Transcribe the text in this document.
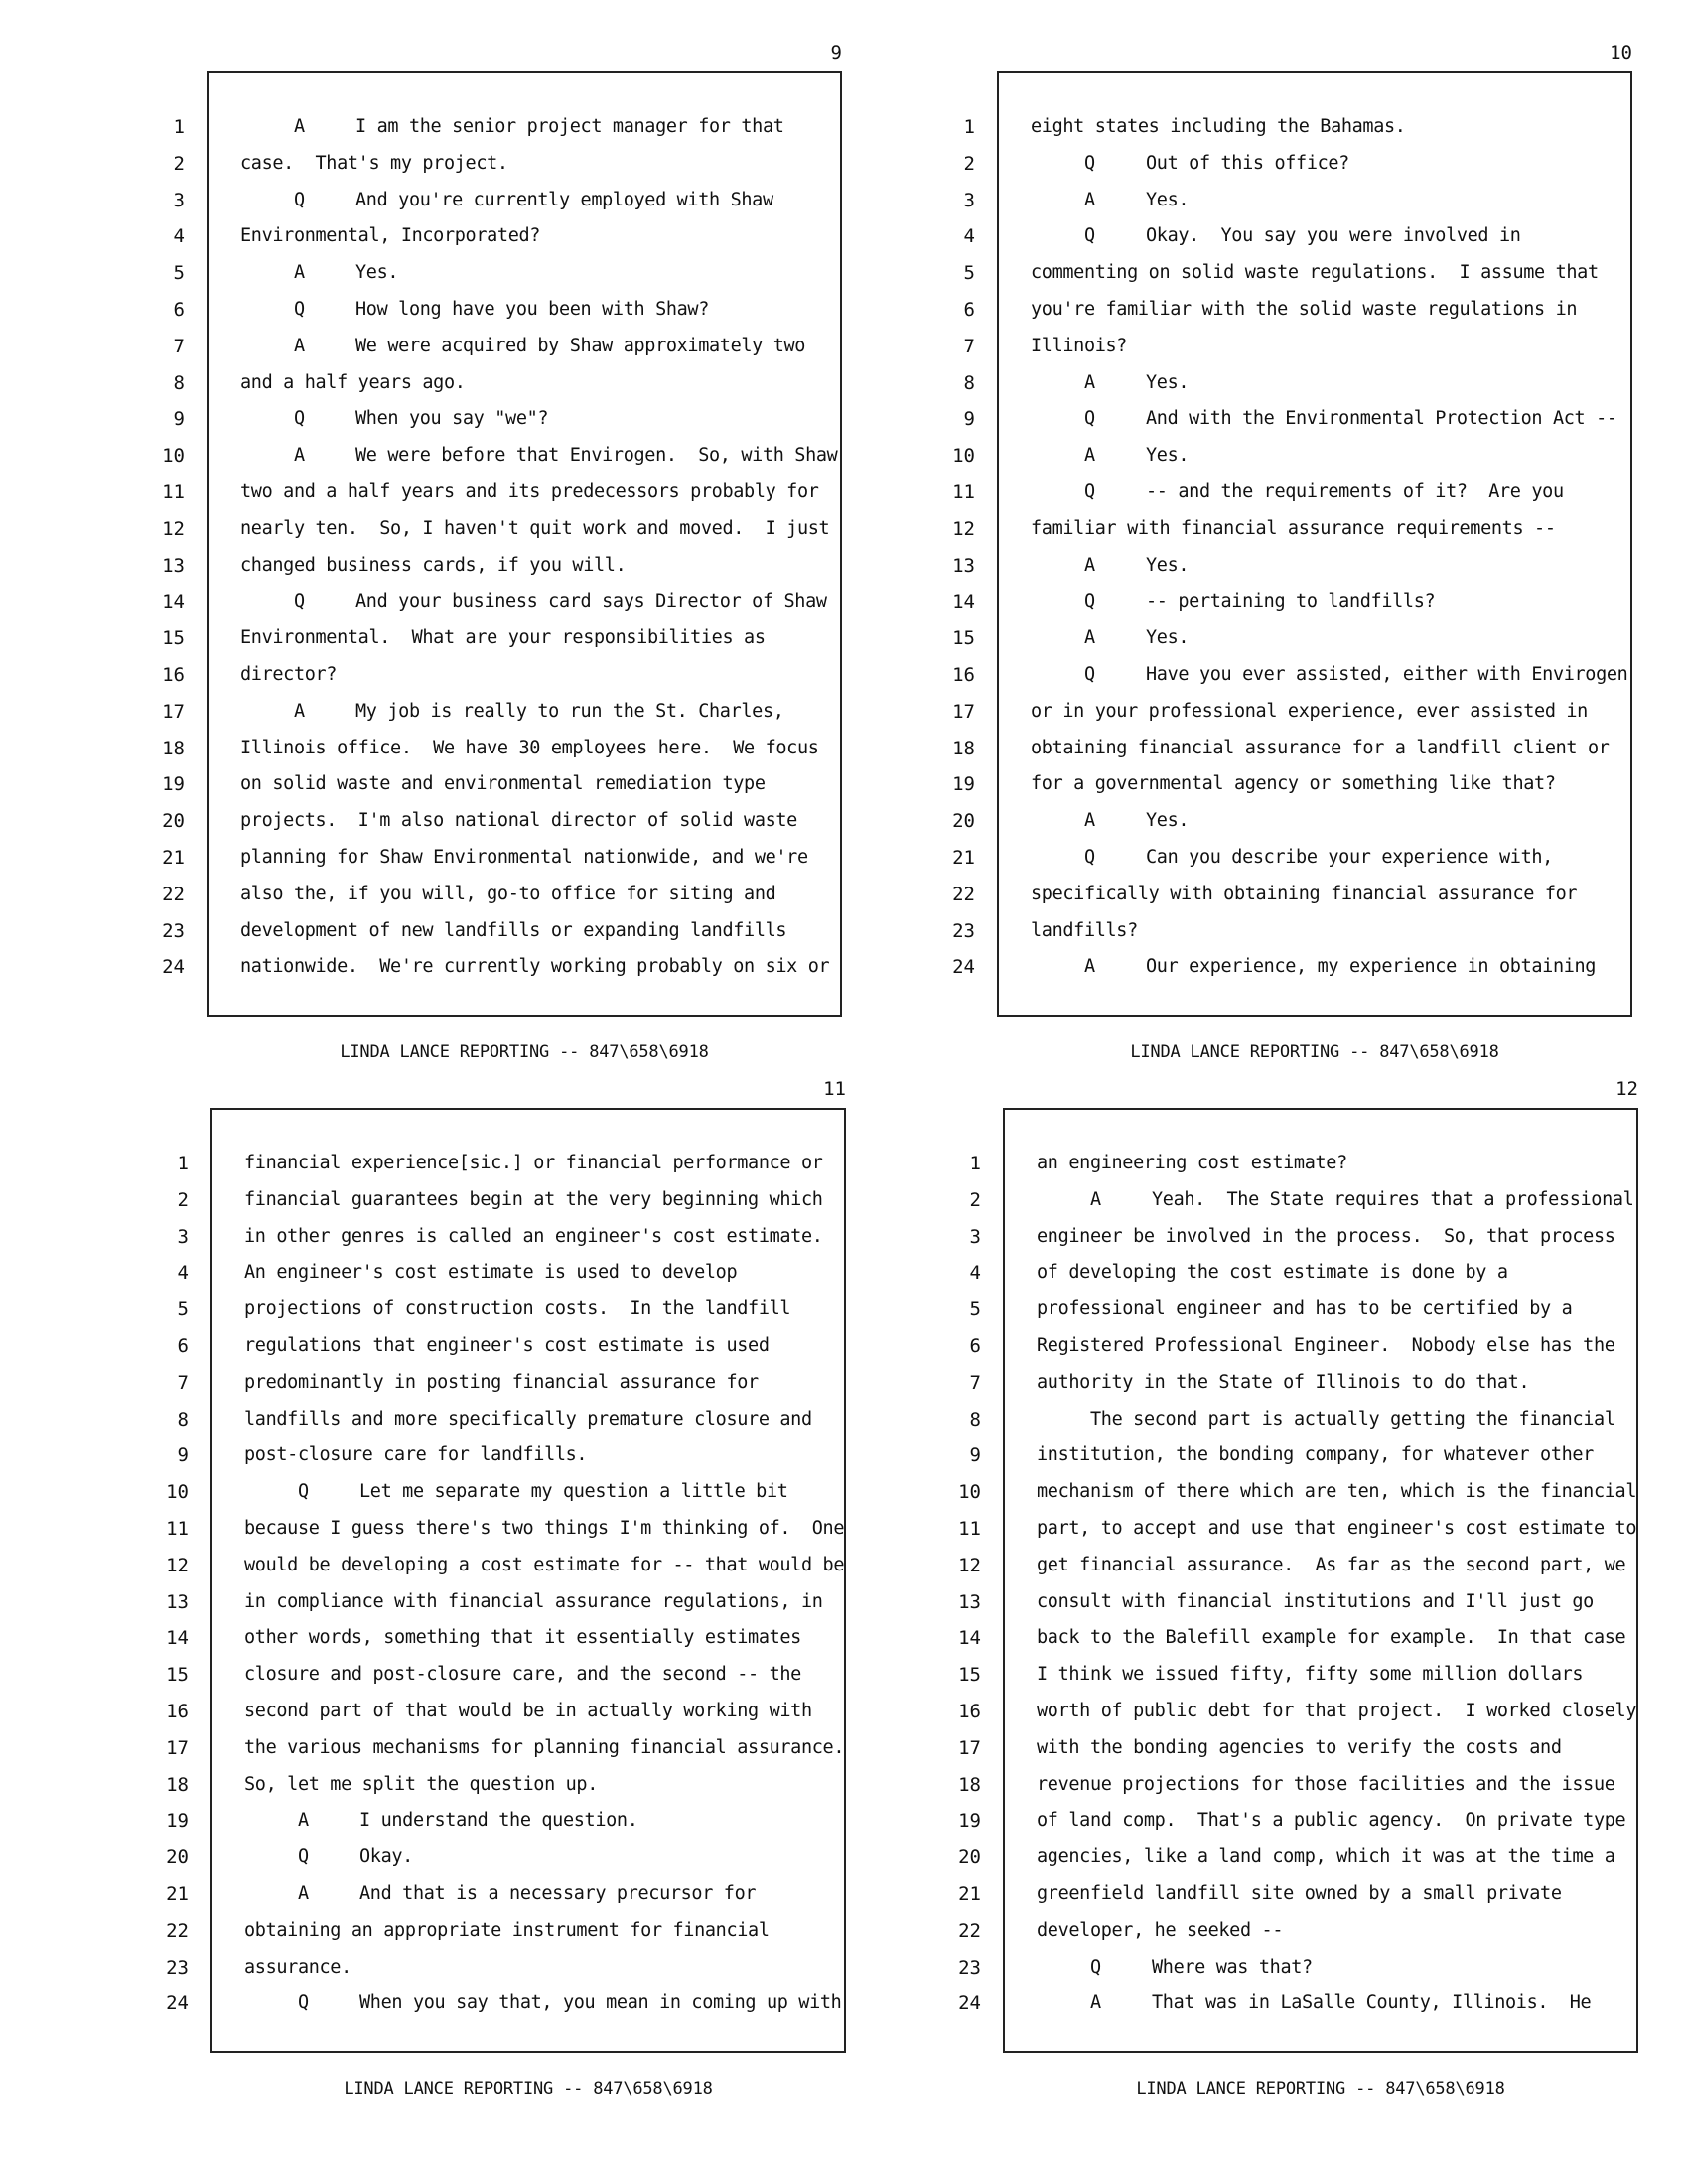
9
1
2
3
4
5
6
7
8
9
10
11
12
13
14
15
16
17
18
19
20
21
22
23
24
A	I am the senior project manager for that
case.  That's my project.
Q	And you're currently employed with Shaw
Environmental, Incorporated?
A	Yes.
Q	How long have you been with Shaw?
A	We were acquired by Shaw approximately two
and a half years ago.
Q	When you say "we"?
A	We were before that Envirogen.  So, with Shaw
two and a half years and its predecessors probably for
nearly ten.  So, I haven't quit work and moved.  I just
changed business cards, if you will.
Q	And your business card says Director of Shaw
Environmental.  What are your responsibilities as
director?
A	My job is really to run the St. Charles,
Illinois office.  We have 30 employees here.  We focus
on solid waste and environmental remediation type
projects.  I'm also national director of solid waste
planning for Shaw Environmental nationwide, and we're
also the, if you will, go-to office for siting and
development of new landfills or expanding landfills
nationwide.  We're currently working probably on six or
LINDA LANCE REPORTING -- 847\658\6918
10
1
2
3
4
5
6
7
8
9
10
11
12
13
14
15
16
17
18
19
20
21
22
23
24
eight states including the Bahamas.
Q	Out of this office?
A	Yes.
Q	Okay.  You say you were involved in
commenting on solid waste regulations.  I assume that
you're familiar with the solid waste regulations in
Illinois?
A	Yes.
Q	And with the Environmental Protection Act --
A	Yes.
Q	-- and the requirements of it?  Are you
familiar with financial assurance requirements --
A	Yes.
Q	-- pertaining to landfills?
A	Yes.
Q	Have you ever assisted, either with Envirogen
or in your professional experience, ever assisted in
obtaining financial assurance for a landfill client or
for a governmental agency or something like that?
A	Yes.
Q	Can you describe your experience with,
specifically with obtaining financial assurance for
landfills?
A	Our experience, my experience in obtaining
LINDA LANCE REPORTING -- 847\658\6918
11
1
2
3
4
5
6
7
8
9
10
11
12
13
14
15
16
17
18
19
20
21
22
23
24
financial experience[sic.] or financial performance or
financial guarantees begin at the very beginning which
in other genres is called an engineer's cost estimate.
An engineer's cost estimate is used to develop
projections of construction costs.  In the landfill
regulations that engineer's cost estimate is used
predominantly in posting financial assurance for
landfills and more specifically premature closure and
post-closure care for landfills.
Q	Let me separate my question a little bit
because I guess there's two things I'm thinking of.  One
would be developing a cost estimate for -- that would be
in compliance with financial assurance regulations, in
other words, something that it essentially estimates
closure and post-closure care, and the second -- the
second part of that would be in actually working with
the various mechanisms for planning financial assurance.
So, let me split the question up.
A	I understand the question.
Q	Okay.
A	And that is a necessary precursor for
obtaining an appropriate instrument for financial
assurance.
Q	When you say that, you mean in coming up with
LINDA LANCE REPORTING -- 847\658\6918
12
1
2
3
4
5
6
7
8
9
10
11
12
13
14
15
16
17
18
19
20
21
22
23
24
an engineering cost estimate?
A	Yeah.  The State requires that a professional
engineer be involved in the process.  So, that process
of developing the cost estimate is done by a
professional engineer and has to be certified by a
Registered Professional Engineer.  Nobody else has the
authority in the State of Illinois to do that.
The second part is actually getting the financial
institution, the bonding company, for whatever other
mechanism of there which are ten, which is the financial
part, to accept and use that engineer's cost estimate to
get financial assurance.  As far as the second part, we
consult with financial institutions and I'll just go
back to the Balefill example for example.  In that case
I think we issued fifty, fifty some million dollars
worth of public debt for that project.  I worked closely
with the bonding agencies to verify the costs and
revenue projections for those facilities and the issue
of land comp.  That's a public agency.  On private type
agencies, like a land comp, which it was at the time a
greenfield landfill site owned by a small private
developer, he seeked --
Q	Where was that?
A	That was in LaSalle County, Illinois.  He
LINDA LANCE REPORTING -- 847\658\6918
